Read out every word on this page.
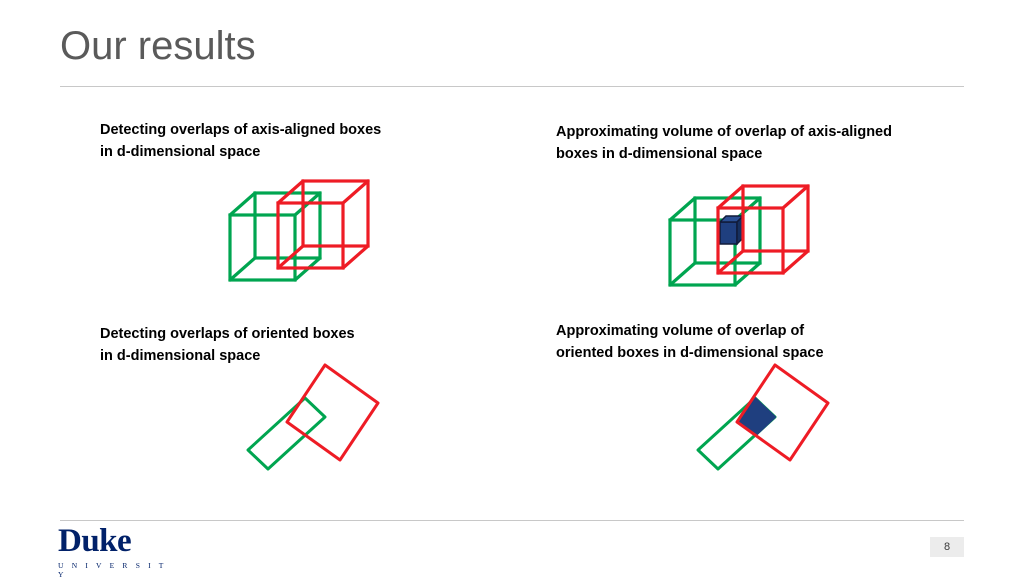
Our results
Detecting overlaps of axis-aligned boxes
in d-dimensional space
Approximating volume of overlap of axis-aligned
boxes in d-dimensional space
Detecting overlaps of oriented boxes
in d-dimensional space
Approximating volume of overlap of
oriented boxes in d-dimensional space
Duke
U N I V E R S I T Y
8
